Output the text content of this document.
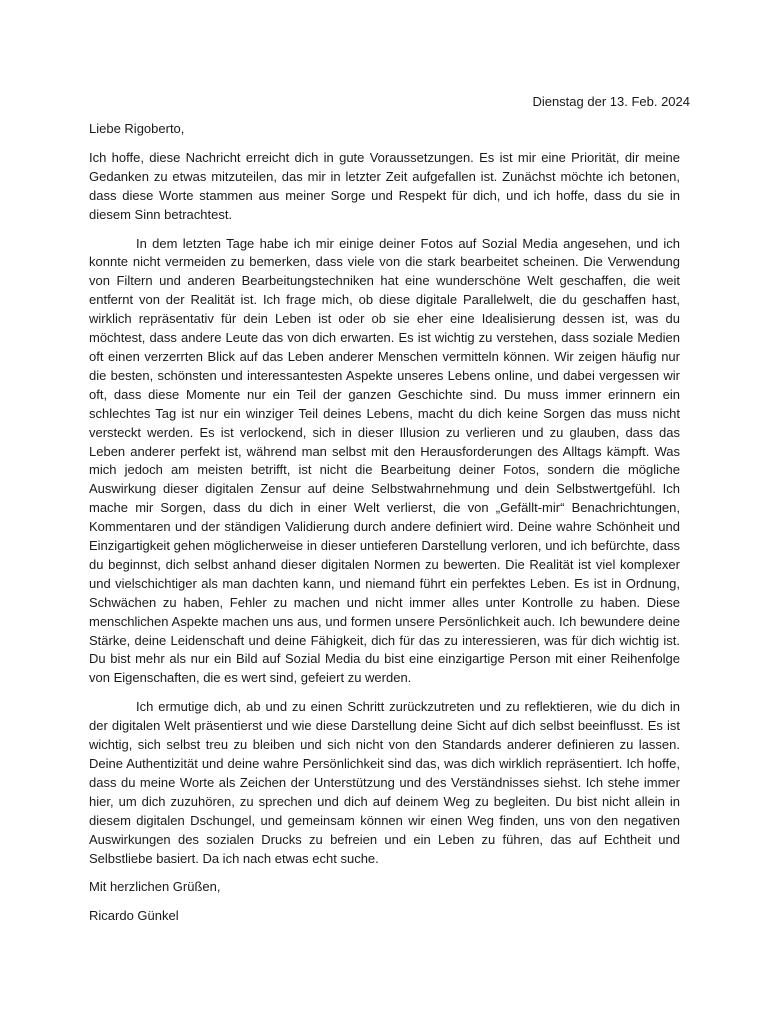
Dienstag der 13. Feb. 2024
Liebe Rigoberto,

Ich hoffe, diese Nachricht erreicht dich in gute Voraussetzungen. Es ist mir eine Priorität, dir meine Gedanken zu etwas mitzuteilen, das mir in letzter Zeit aufgefallen ist. Zunächst möchte ich betonen, dass diese Worte stammen aus meiner Sorge und Respekt für dich, und ich hoffe, dass du sie in diesem Sinn betrachtest.

In dem letzten Tage habe ich mir einige deiner Fotos auf Sozial Media angesehen, und ich konnte nicht vermeiden zu bemerken, dass viele von die stark bearbeitet scheinen. Die Verwendung von Filtern und anderen Bearbeitungstechniken hat eine wunderschöne Welt geschaffen, die weit entfernt von der Realität ist. Ich frage mich, ob diese digitale Parallelwelt, die du geschaffen hast, wirklich repräsentativ für dein Leben ist oder ob sie eher eine Idealisierung dessen ist, was du möchtest, dass andere Leute das von dich erwarten. Es ist wichtig zu verstehen, dass soziale Medien oft einen verzerrten Blick auf das Leben anderer Menschen vermitteln können. Wir zeigen häufig nur die besten, schönsten und interessantesten Aspekte unseres Lebens online, und dabei vergessen wir oft, dass diese Momente nur ein Teil der ganzen Geschichte sind. Du muss immer erinnern ein schlechtes Tag ist nur ein winziger Teil deines Lebens, macht du dich keine Sorgen das muss nicht versteckt werden. Es ist verlockend, sich in dieser Illusion zu verlieren und zu glauben, dass das Leben anderer perfekt ist, während man selbst mit den Herausforderungen des Alltags kämpft. Was mich jedoch am meisten betrifft, ist nicht die Bearbeitung deiner Fotos, sondern die mögliche Auswirkung dieser digitalen Zensur auf deine Selbstwahrnehmung und dein Selbstwertgefühl. Ich mache mir Sorgen, dass du dich in einer Welt verlierst, die von „Gefällt-mir“ Benachrichtungen, Kommentaren und der ständigen Validierung durch andere definiert wird. Deine wahre Schönheit und Einzigartigkeit gehen möglicherweise in dieser untieferen Darstellung verloren, und ich befürchte, dass du beginnst, dich selbst anhand dieser digitalen Normen zu bewerten. Die Realität ist viel komplexer und vielschichtiger als man dachten kann, und niemand führt ein perfektes Leben. Es ist in Ordnung, Schwächen zu haben, Fehler zu machen und nicht immer alles unter Kontrolle zu haben. Diese menschlichen Aspekte machen uns aus, und formen unsere Persönlichkeit auch. Ich bewundere deine Stärke, deine Leidenschaft und deine Fähigkeit, dich für das zu interessieren, was für dich wichtig ist. Du bist mehr als nur ein Bild auf Sozial Media du bist eine einzigartige Person mit einer Reihenfolge von Eigenschaften, die es wert sind, gefeiert zu werden.

Ich ermutige dich, ab und zu einen Schritt zurückzutreten und zu reflektieren, wie du dich in der digitalen Welt präsentierst und wie diese Darstellung deine Sicht auf dich selbst beeinflusst. Es ist wichtig, sich selbst treu zu bleiben und sich nicht von den Standards anderer definieren zu lassen. Deine Authentizität und deine wahre Persönlichkeit sind das, was dich wirklich repräsentiert. Ich hoffe, dass du meine Worte als Zeichen der Unterstützung und des Verständnisses siehst. Ich stehe immer hier, um dich zuzuhören, zu sprechen und dich auf deinem Weg zu begleiten. Du bist nicht allein in diesem digitalen Dschungel, und gemeinsam können wir einen Weg finden, uns von den negativen Auswirkungen des sozialen Drucks zu befreien und ein Leben zu führen, das auf Echtheit und Selbstliebe basiert. Da ich nach etwas echt suche.

Mit herzlichen Grüßen,
Ricardo Günkel
